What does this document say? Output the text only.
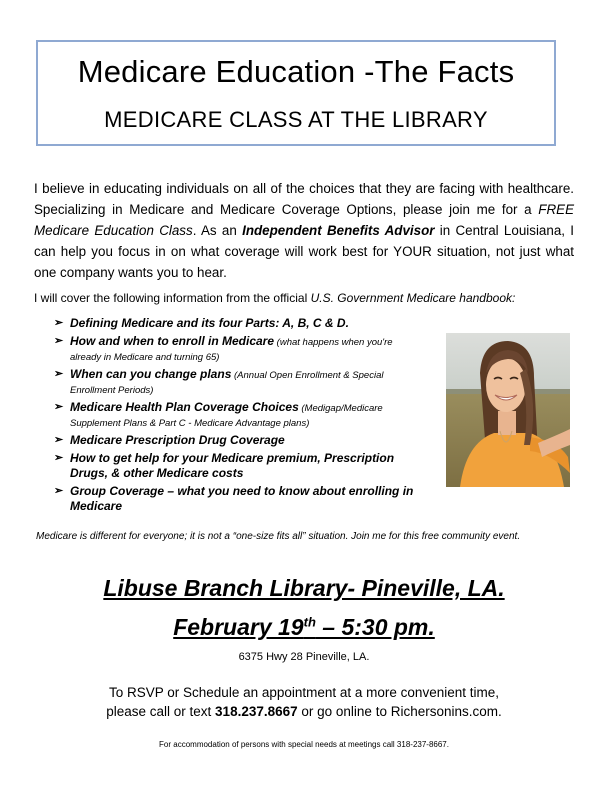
Medicare Education -The Facts
MEDICARE CLASS AT THE LIBRARY
I believe in educating individuals on all of the choices that they are facing with healthcare. Specializing in Medicare and Medicare Coverage Options, please join me for a FREE Medicare Education Class. As an Independent Benefits Advisor in Central Louisiana, I can help you focus in on what coverage will work best for YOUR situation, not just what one company wants you to hear.
I will cover the following information from the official U.S. Government Medicare handbook:
➢ Defining Medicare and its four Parts: A, B, C & D.
➢ How and when to enroll in Medicare (what happens when you're already in Medicare and turning 65)
➢ When can you change plans (Annual Open Enrollment & Special Enrollment Periods)
➢ Medicare Health Plan Coverage Choices (Medigap/Medicare Supplement Plans & Part C - Medicare Advantage plans)
➢ Medicare Prescription Drug Coverage
➢ How to get help for your Medicare premium, Prescription Drugs, & other Medicare costs
➢ Group Coverage – what you need to know about enrolling in Medicare
Medicare is different for everyone; it is not a “one-size fits all” situation. Join me for this free community event.
Libuse Branch Library- Pineville, LA.
February 19th – 5:30 pm.
6375 Hwy 28 Pineville, LA.
To RSVP or Schedule an appointment at a more convenient time,
please call or text 318.237.8667 or go online to Richersonins.com.
For accommodation of persons with special needs at meetings call 318-237-8667.
